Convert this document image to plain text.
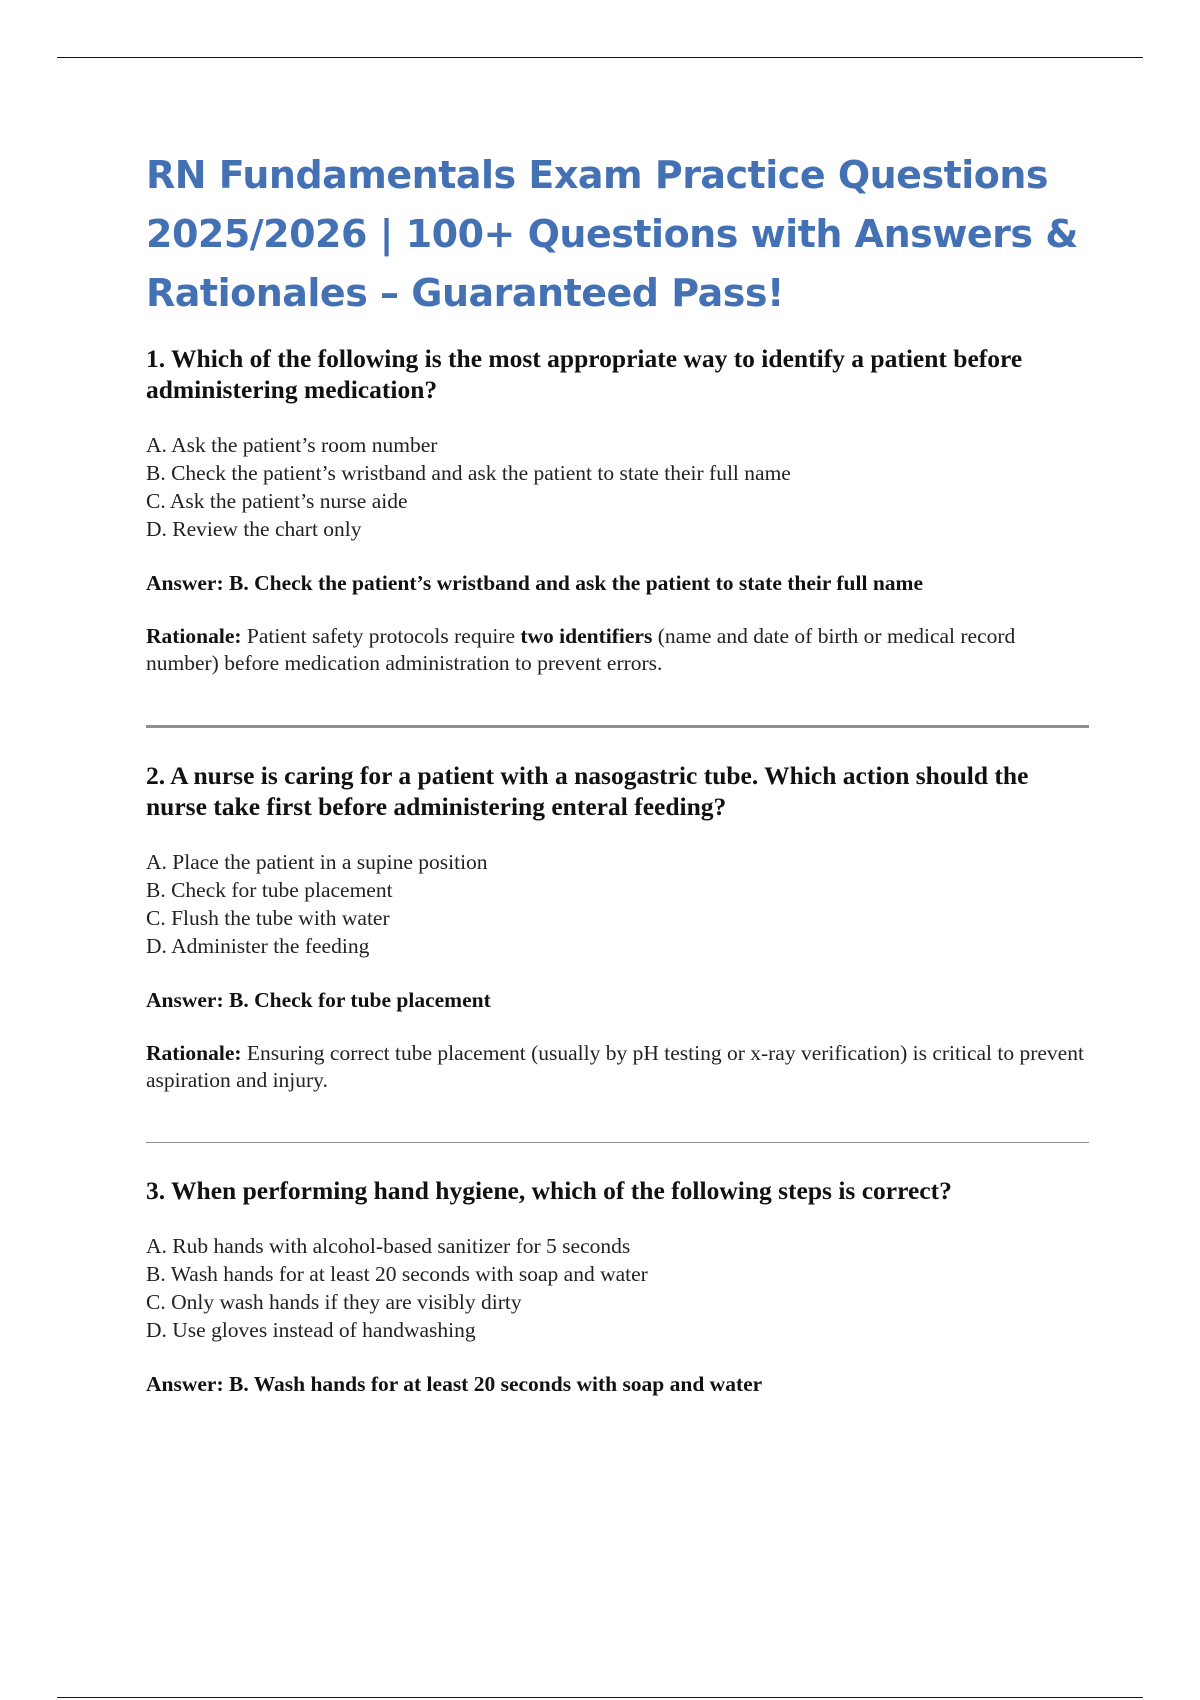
RN Fundamentals Exam Practice Questions 2025/2026 | 100+ Questions with Answers & Rationales – Guaranteed Pass!

1. Which of the following is the most appropriate way to identify a patient before administering medication?

A. Ask the patient’s room number
B. Check the patient’s wristband and ask the patient to state their full name
C. Ask the patient’s nurse aide
D. Review the chart only

Answer: B. Check the patient’s wristband and ask the patient to state their full name

Rationale: Patient safety protocols require two identifiers (name and date of birth or medical record number) before medication administration to prevent errors.

2. A nurse is caring for a patient with a nasogastric tube. Which action should the nurse take first before administering enteral feeding?

A. Place the patient in a supine position
B. Check for tube placement
C. Flush the tube with water
D. Administer the feeding

Answer: B. Check for tube placement

Rationale: Ensuring correct tube placement (usually by pH testing or x-ray verification) is critical to prevent aspiration and injury.

3. When performing hand hygiene, which of the following steps is correct?

A. Rub hands with alcohol-based sanitizer for 5 seconds
B. Wash hands for at least 20 seconds with soap and water
C. Only wash hands if they are visibly dirty
D. Use gloves instead of handwashing

Answer: B. Wash hands for at least 20 seconds with soap and water
